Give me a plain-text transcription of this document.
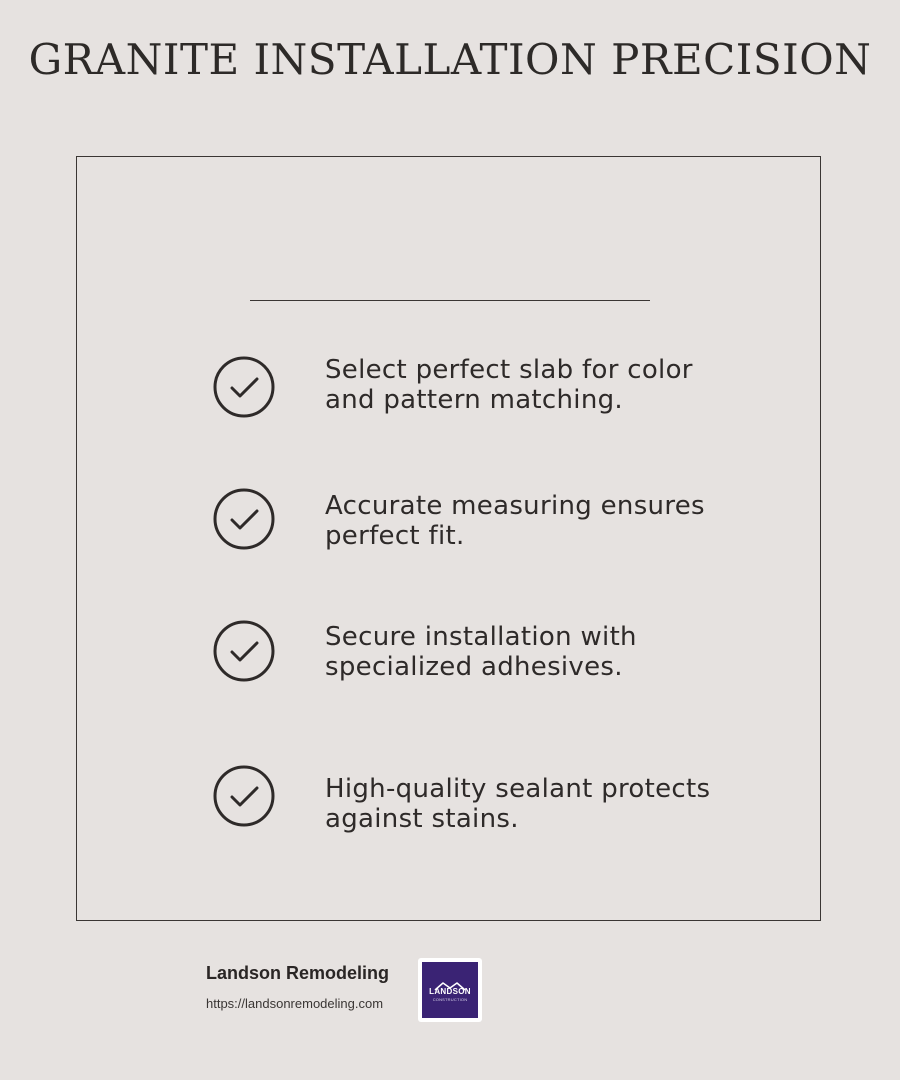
GRANITE INSTALLATION PRECISION

Select perfect slab for color and pattern matching.

Accurate measuring ensures perfect fit.

Secure installation with specialized adhesives.

High-quality sealant protects against stains.

Landson Remodeling
https://landsonremodeling.com
LANDSON
CONSTRUCTION
